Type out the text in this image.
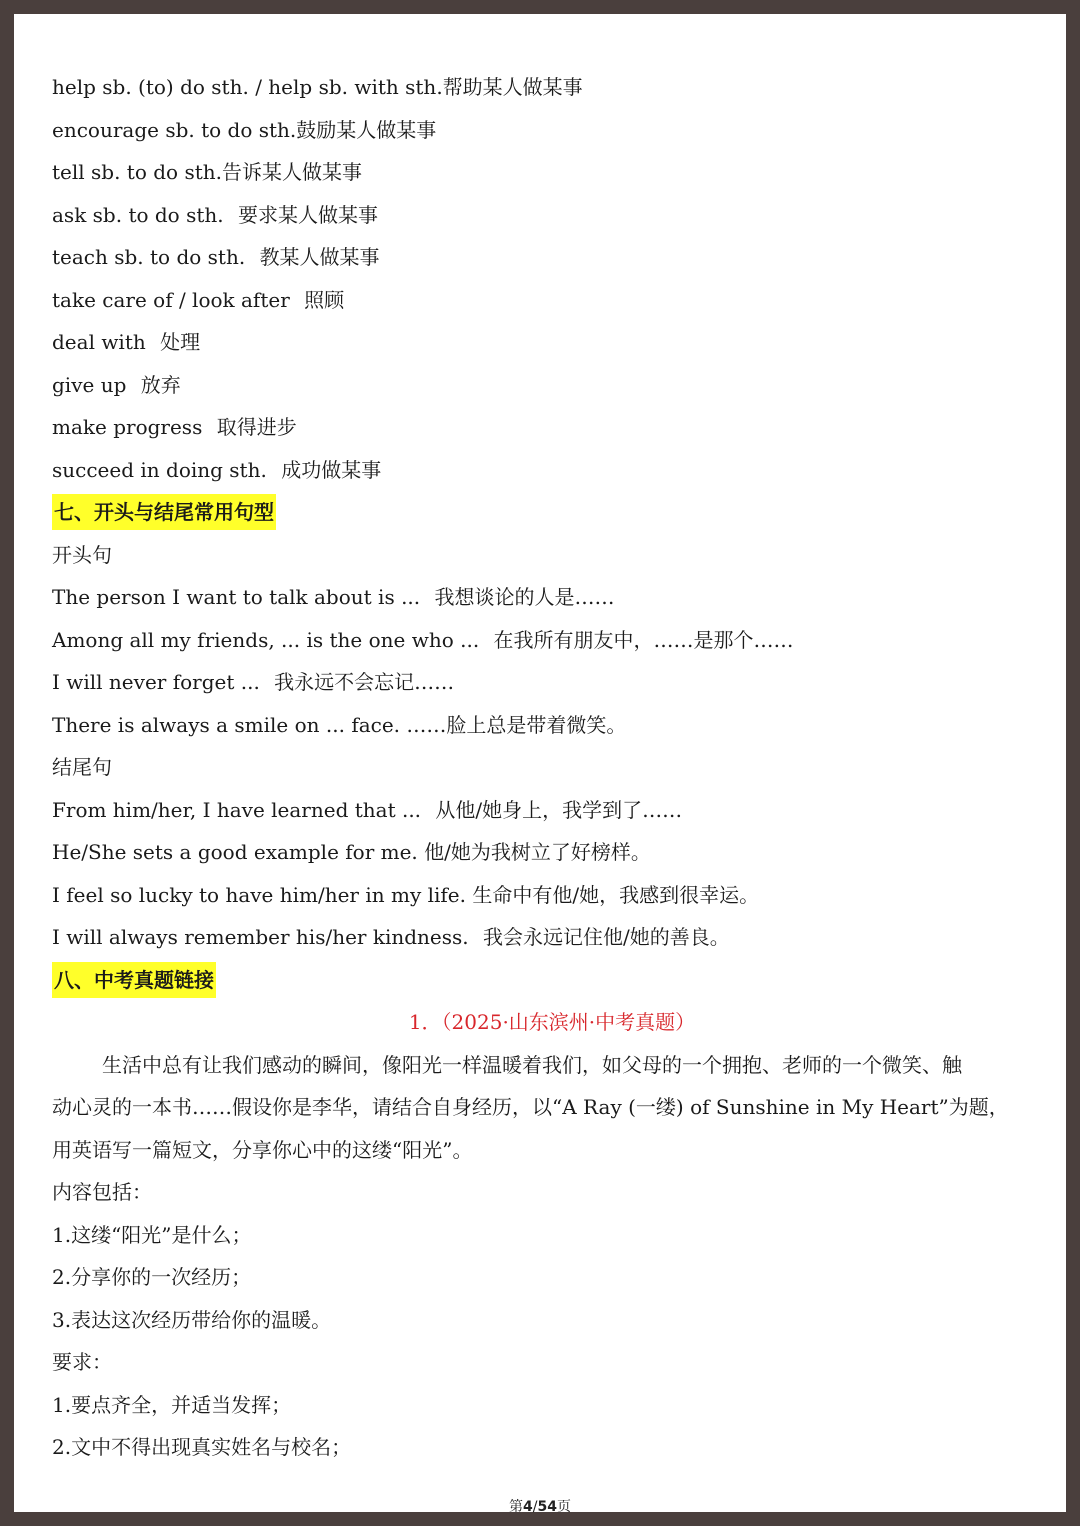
help sb. (to) do sth. / help sb. with sth.帮助某人做某事
encourage sb. to do sth.鼓励某人做某事
tell sb. to do sth.告诉某人做某事
ask sb. to do sth. 要求某人做某事
teach sb. to do sth. 教某人做某事
take care of / look after 照顾
deal with 处理
give up 放弃
make progress 取得进步
succeed in doing sth. 成功做某事
七、开头与结尾常用句型
开头句
The person I want to talk about is ... 我想谈论的人是……
Among all my friends, ... is the one who ... 在我所有朋友中，……是那个……
I will never forget ... 我永远不会忘记……
There is always a smile on ... face. ……脸上总是带着微笑。
结尾句
From him/her, I have learned that ... 从他/她身上，我学到了……
He/She sets a good example for me. 他/她为我树立了好榜样。
I feel so lucky to have him/her in my life. 生命中有他/她，我感到很幸运。
I will always remember his/her kindness. 我会永远记住他/她的善良。
八、中考真题链接
1．（2025·山东滨州·中考真题）
生活中总有让我们感动的瞬间，像阳光一样温暖着我们，如父母的一个拥抱、老师的一个微笑、触
动心灵的一本书……假设你是李华，请结合自身经历，以“A Ray (一缕) of Sunshine in My Heart”为题，
用英语写一篇短文，分享你心中的这缕“阳光”。
内容包括：
1.这缕“阳光”是什么；
2.分享你的一次经历；
3.表达这次经历带给你的温暖。
要求：
1.要点齐全，并适当发挥；
2.文中不得出现真实姓名与校名；
第4/54页
